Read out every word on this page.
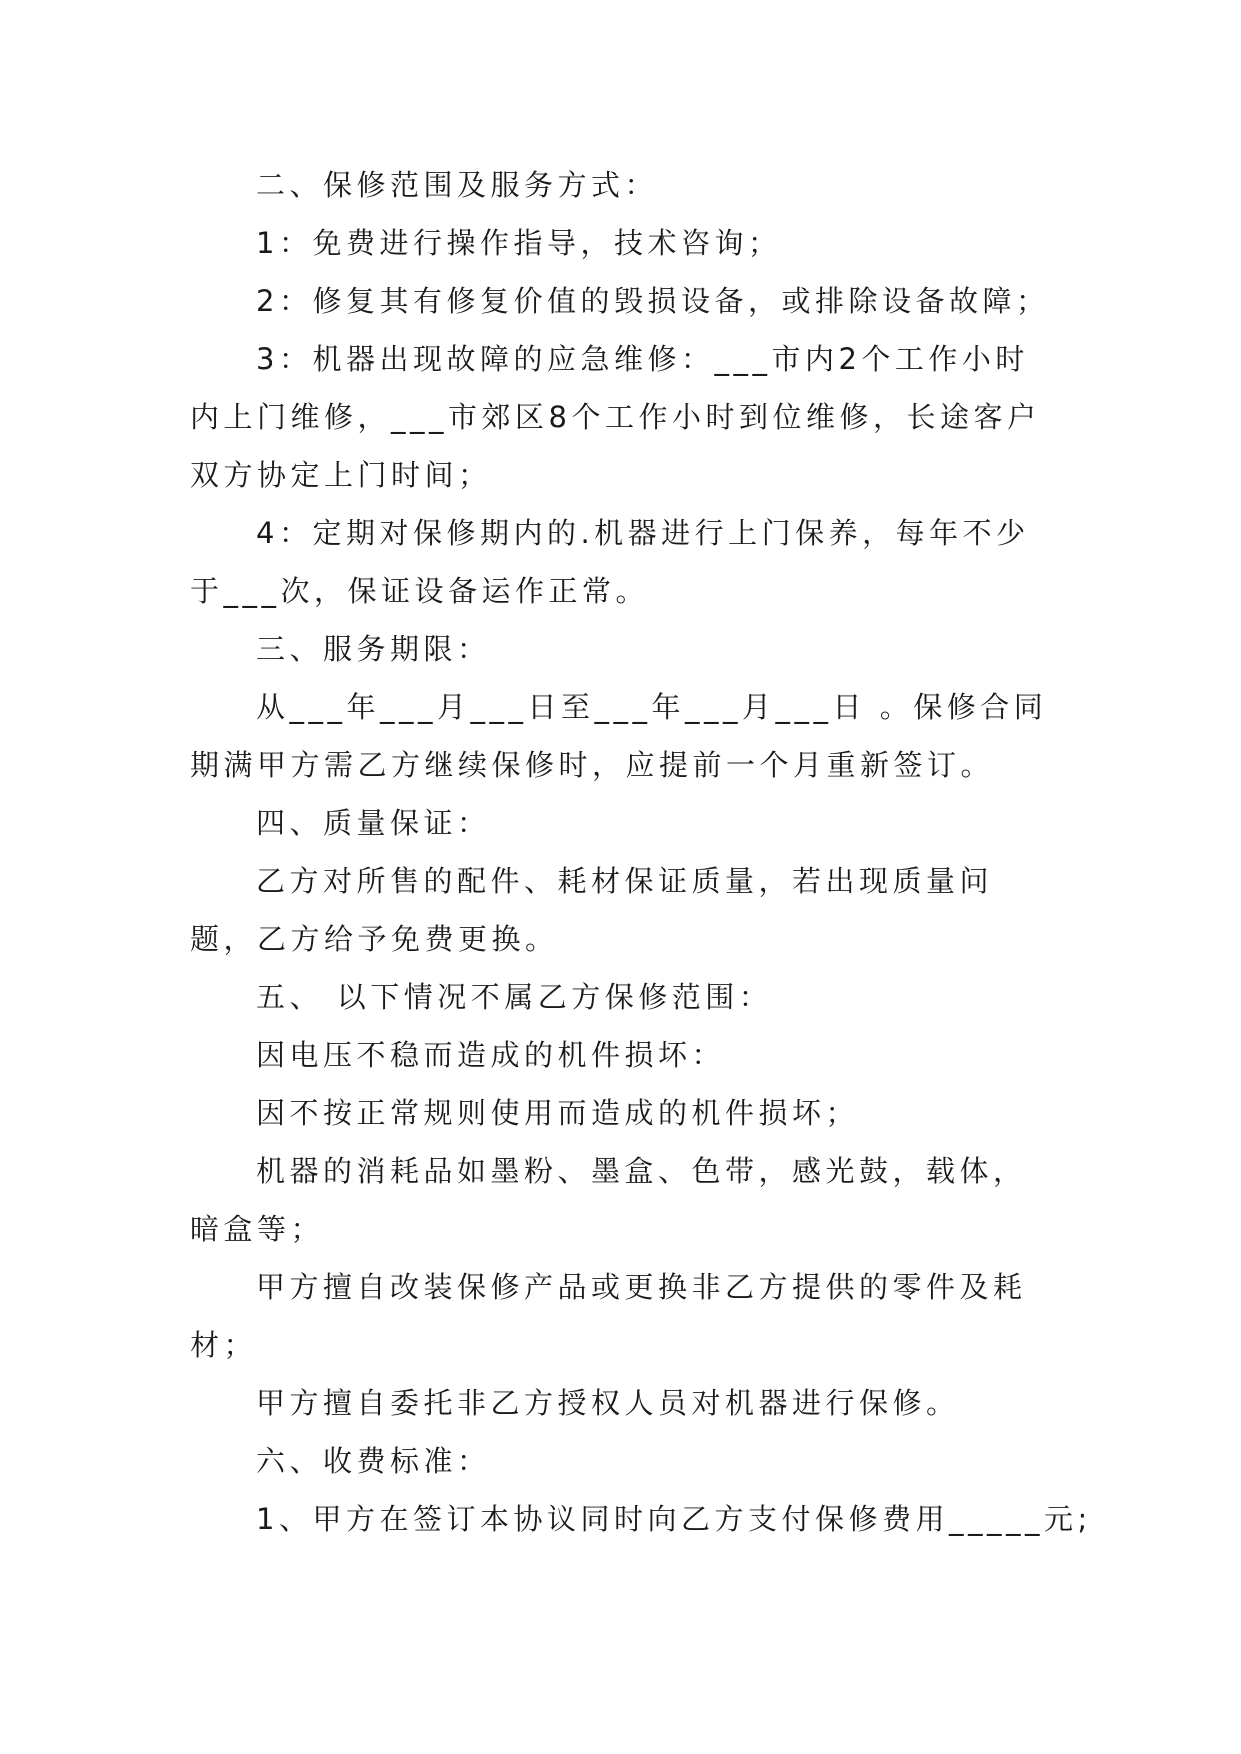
二、保修范围及服务方式：

1：免费进行操作指导，技术咨询；

2：修复其有修复价值的毁损设备，或排除设备故障；

3：机器出现故障的应急维修：___市内2个工作小时内上门维修，___市郊区8个工作小时到位维修，长途客户双方协定上门时间；

4：定期对保修期内的.机器进行上门保养，每年不少于___次，保证设备运作正常。

三、服务期限：

从___年___月___日至___年___月___日 。保修合同期满甲方需乙方继续保修时，应提前一个月重新签订。

四、质量保证：

乙方对所售的配件、耗材保证质量，若出现质量问题，乙方给予免费更换。

五、 以下情况不属乙方保修范围：

因电压不稳而造成的机件损坏：

因不按正常规则使用而造成的机件损坏；

机器的消耗品如墨粉、墨盒、色带，感光鼓，载体，暗盒等；

甲方擅自改装保修产品或更换非乙方提供的零件及耗材；

甲方擅自委托非乙方授权人员对机器进行保修。

六、收费标准：

1、甲方在签订本协议同时向乙方支付保修费用_____元;
